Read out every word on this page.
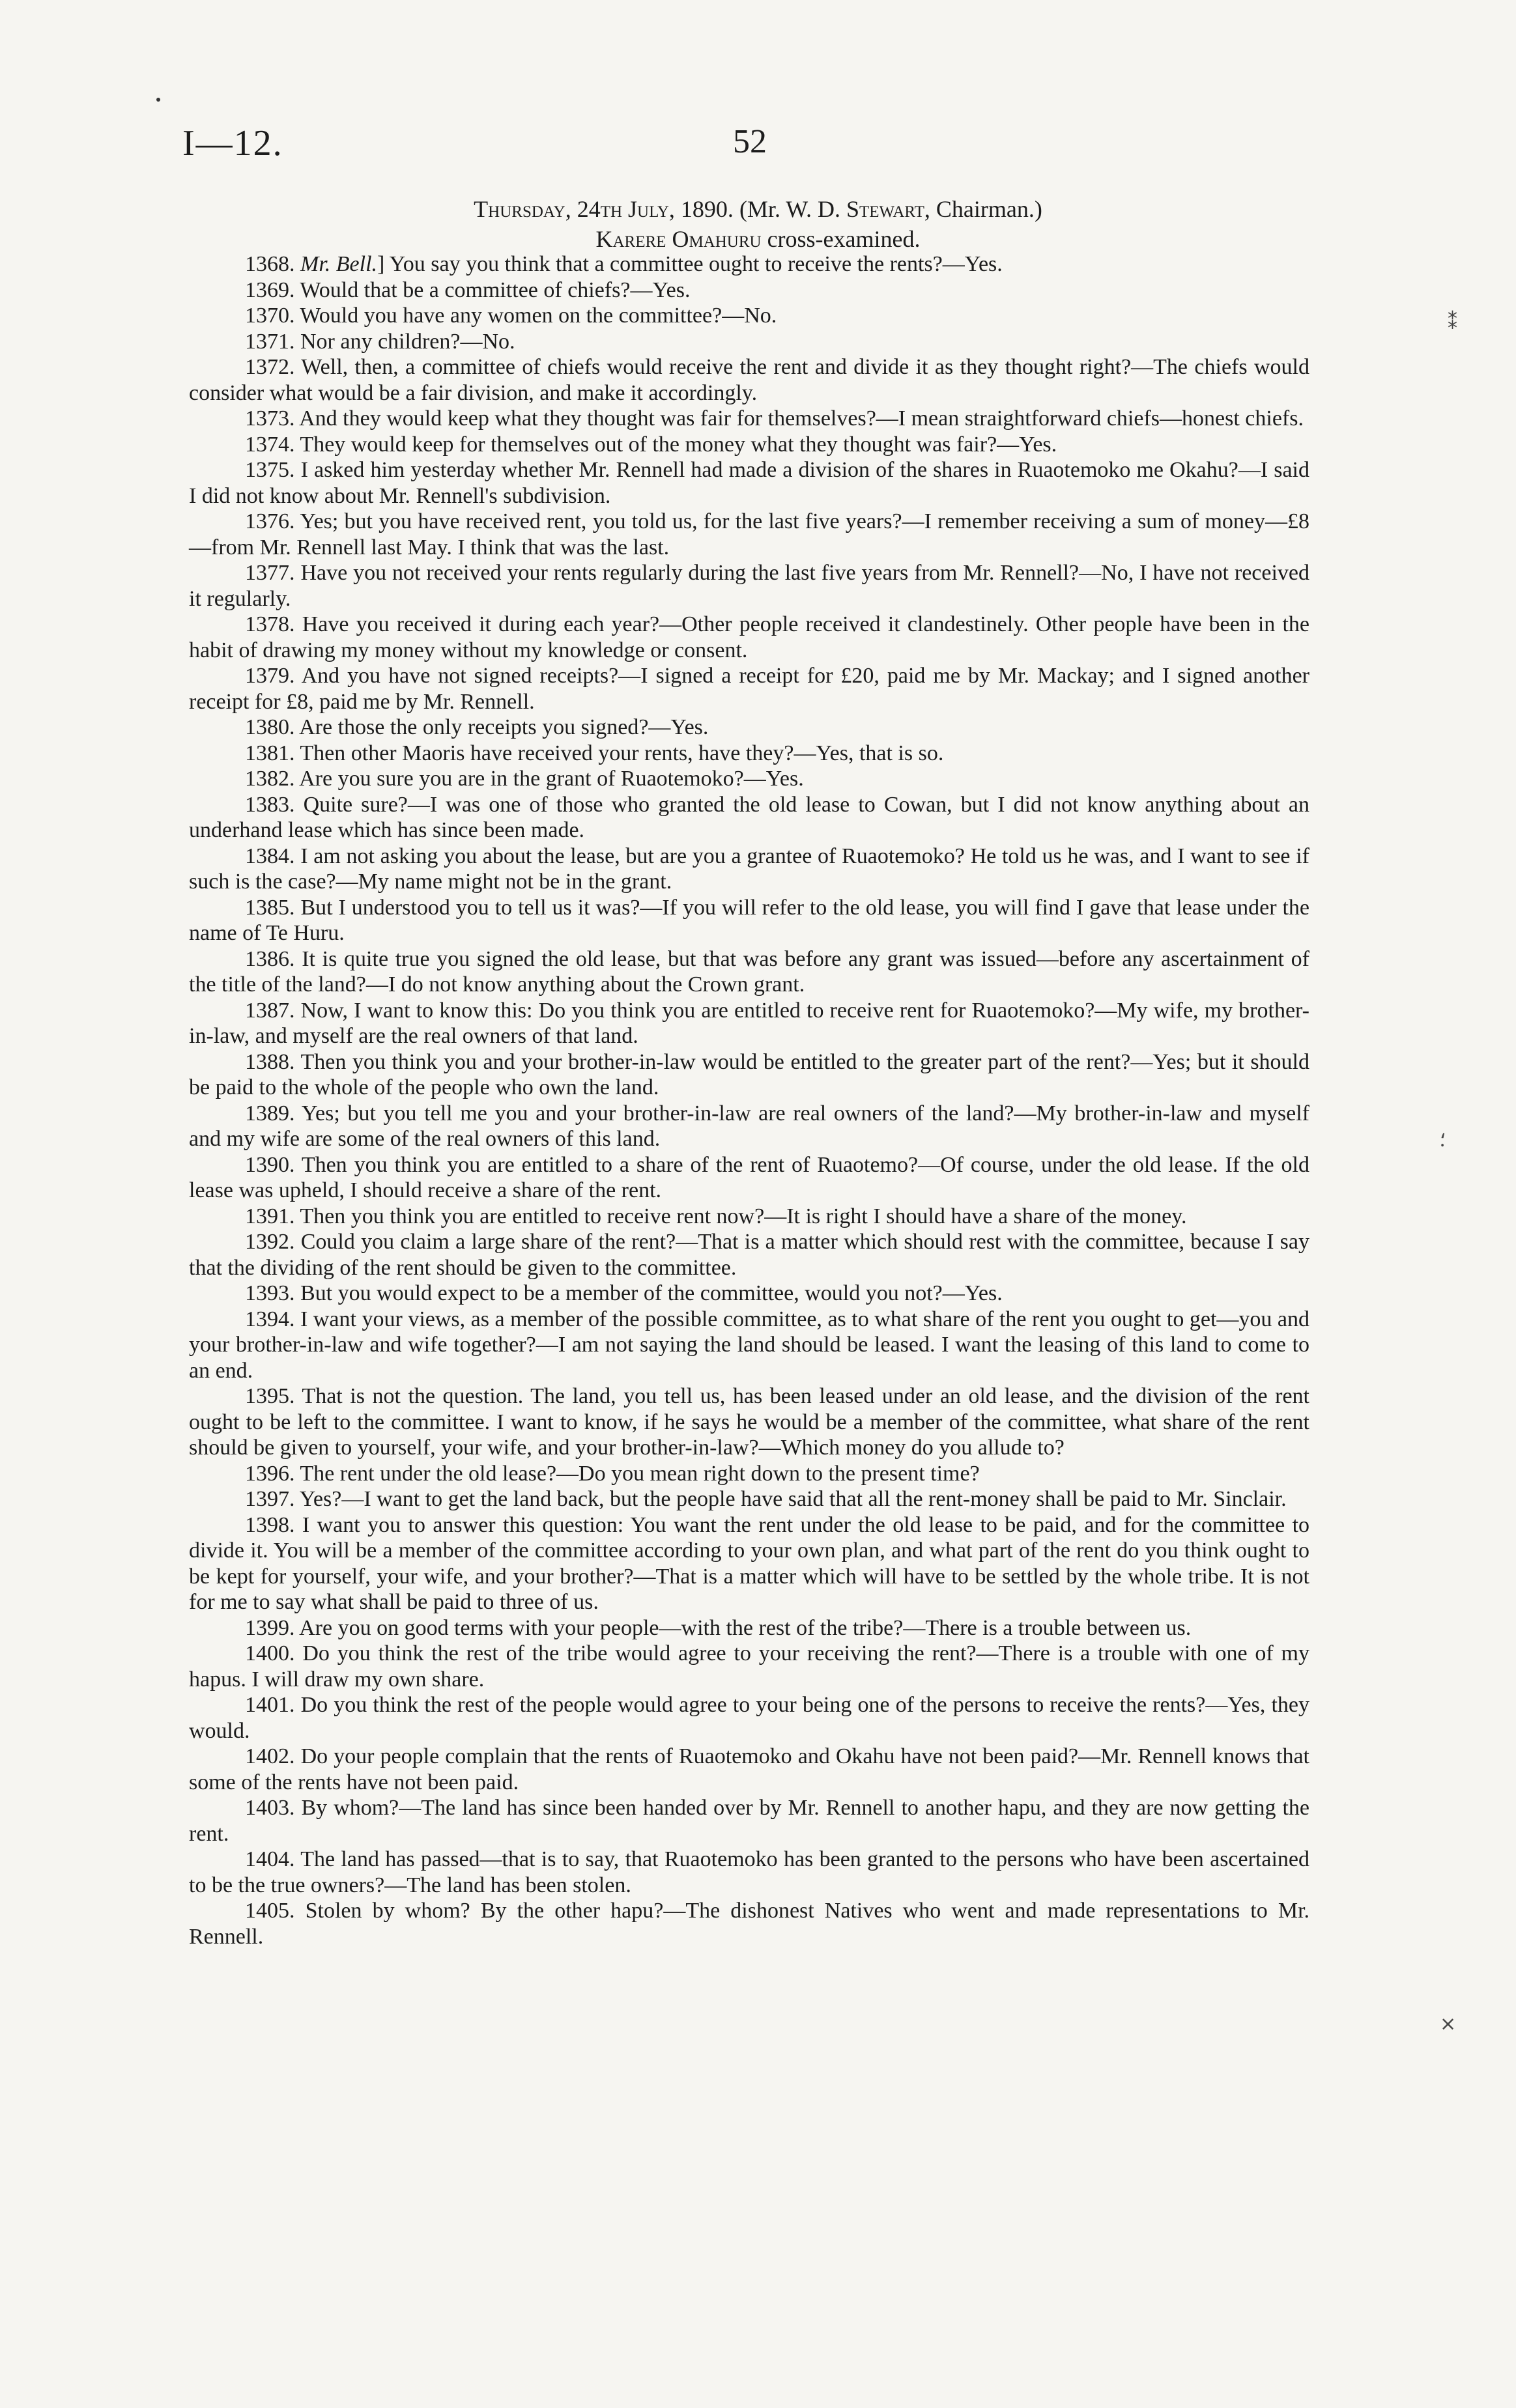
I—12.	52
Thursday, 24th July, 1890. (Mr. W. D. Stewart, Chairman.)
Karere Omahuru cross-examined.

1368. Mr. Bell.] You say you think that a committee ought to receive the rents?—Yes.

1369. Would that be a committee of chiefs?—Yes.

1370. Would you have any women on the committee?—No.

1371. Nor any children?—No.

1372. Well, then, a committee of chiefs would receive the rent and divide it as they thought right?—The chiefs would consider what would be a fair division, and make it accordingly.

1373. And they would keep what they thought was fair for themselves?—I mean straightforward chiefs—honest chiefs.

1374. They would keep for themselves out of the money what they thought was fair?—Yes.

1375. I asked him yesterday whether Mr. Rennell had made a division of the shares in Ruaotemoko me Okahu?—I said I did not know about Mr. Rennell's subdivision.

1376. Yes; but you have received rent, you told us, for the last five years?—I remember receiving a sum of money—£8—from Mr. Rennell last May. I think that was the last.

1377. Have you not received your rents regularly during the last five years from Mr. Rennell?—No, I have not received it regularly.

1378. Have you received it during each year?—Other people received it clandestinely. Other people have been in the habit of drawing my money without my knowledge or consent.

1379. And you have not signed receipts?—I signed a receipt for £20, paid me by Mr. Mackay; and I signed another receipt for £8, paid me by Mr. Rennell.

1380. Are those the only receipts you signed?—Yes.

1381. Then other Maoris have received your rents, have they?—Yes, that is so.

1382. Are you sure you are in the grant of Ruaotemoko?—Yes.

1383. Quite sure?—I was one of those who granted the old lease to Cowan, but I did not know anything about an underhand lease which has since been made.

1384. I am not asking you about the lease, but are you a grantee of Ruaotemoko? He told us he was, and I want to see if such is the case?—My name might not be in the grant.

1385. But I understood you to tell us it was?—If you will refer to the old lease, you will find I gave that lease under the name of Te Huru.

1386. It is quite true you signed the old lease, but that was before any grant was issued—before any ascertainment of the title of the land?—I do not know anything about the Crown grant.

1387. Now, I want to know this: Do you think you are entitled to receive rent for Ruaotemoko?—My wife, my brother-in-law, and myself are the real owners of that land.

1388. Then you think you and your brother-in-law would be entitled to the greater part of the rent?—Yes; but it should be paid to the whole of the people who own the land.

1389. Yes; but you tell me you and your brother-in-law are real owners of the land?—My brother-in-law and myself and my wife are some of the real owners of this land.

1390. Then you think you are entitled to a share of the rent of Ruaotemo?—Of course, under the old lease. If the old lease was upheld, I should receive a share of the rent.

1391. Then you think you are entitled to receive rent now?—It is right I should have a share of the money.

1392. Could you claim a large share of the rent?—That is a matter which should rest with the committee, because I say that the dividing of the rent should be given to the committee.

1393. But you would expect to be a member of the committee, would you not?—Yes.

1394. I want your views, as a member of the possible committee, as to what share of the rent you ought to get—you and your brother-in-law and wife together?—I am not saying the land should be leased. I want the leasing of this land to come to an end.

1395. That is not the question. The land, you tell us, has been leased under an old lease, and the division of the rent ought to be left to the committee. I want to know, if he says he would be a member of the committee, what share of the rent should be given to yourself, your wife, and your brother-in-law?—Which money do you allude to?

1396. The rent under the old lease?—Do you mean right down to the present time?

1397. Yes?—I want to get the land back, but the people have said that all the rent-money shall be paid to Mr. Sinclair.

1398. I want you to answer this question: You want the rent under the old lease to be paid, and for the committee to divide it. You will be a member of the committee according to your own plan, and what part of the rent do you think ought to be kept for yourself, your wife, and your brother?—That is a matter which will have to be settled by the whole tribe. It is not for me to say what shall be paid to three of us.

1399. Are you on good terms with your people—with the rest of the tribe?—There is a trouble between us.

1400. Do you think the rest of the tribe would agree to your receiving the rent?—There is a trouble with one of my hapus. I will draw my own share.

1401. Do you think the rest of the people would agree to your being one of the persons to receive the rents?—Yes, they would.

1402. Do your people complain that the rents of Ruaotemoko and Okahu have not been paid?—Mr. Rennell knows that some of the rents have not been paid.

1403. By whom?—The land has since been handed over by Mr. Rennell to another hapu, and they are now getting the rent.

1404. The land has passed—that is to say, that Ruaotemoko has been granted to the persons who have been ascertained to be the true owners?—The land has been stolen.

1405. Stolen by whom? By the other hapu?—The dishonest Natives who went and made representations to Mr. Rennell.

⁑
⸵
⨯
